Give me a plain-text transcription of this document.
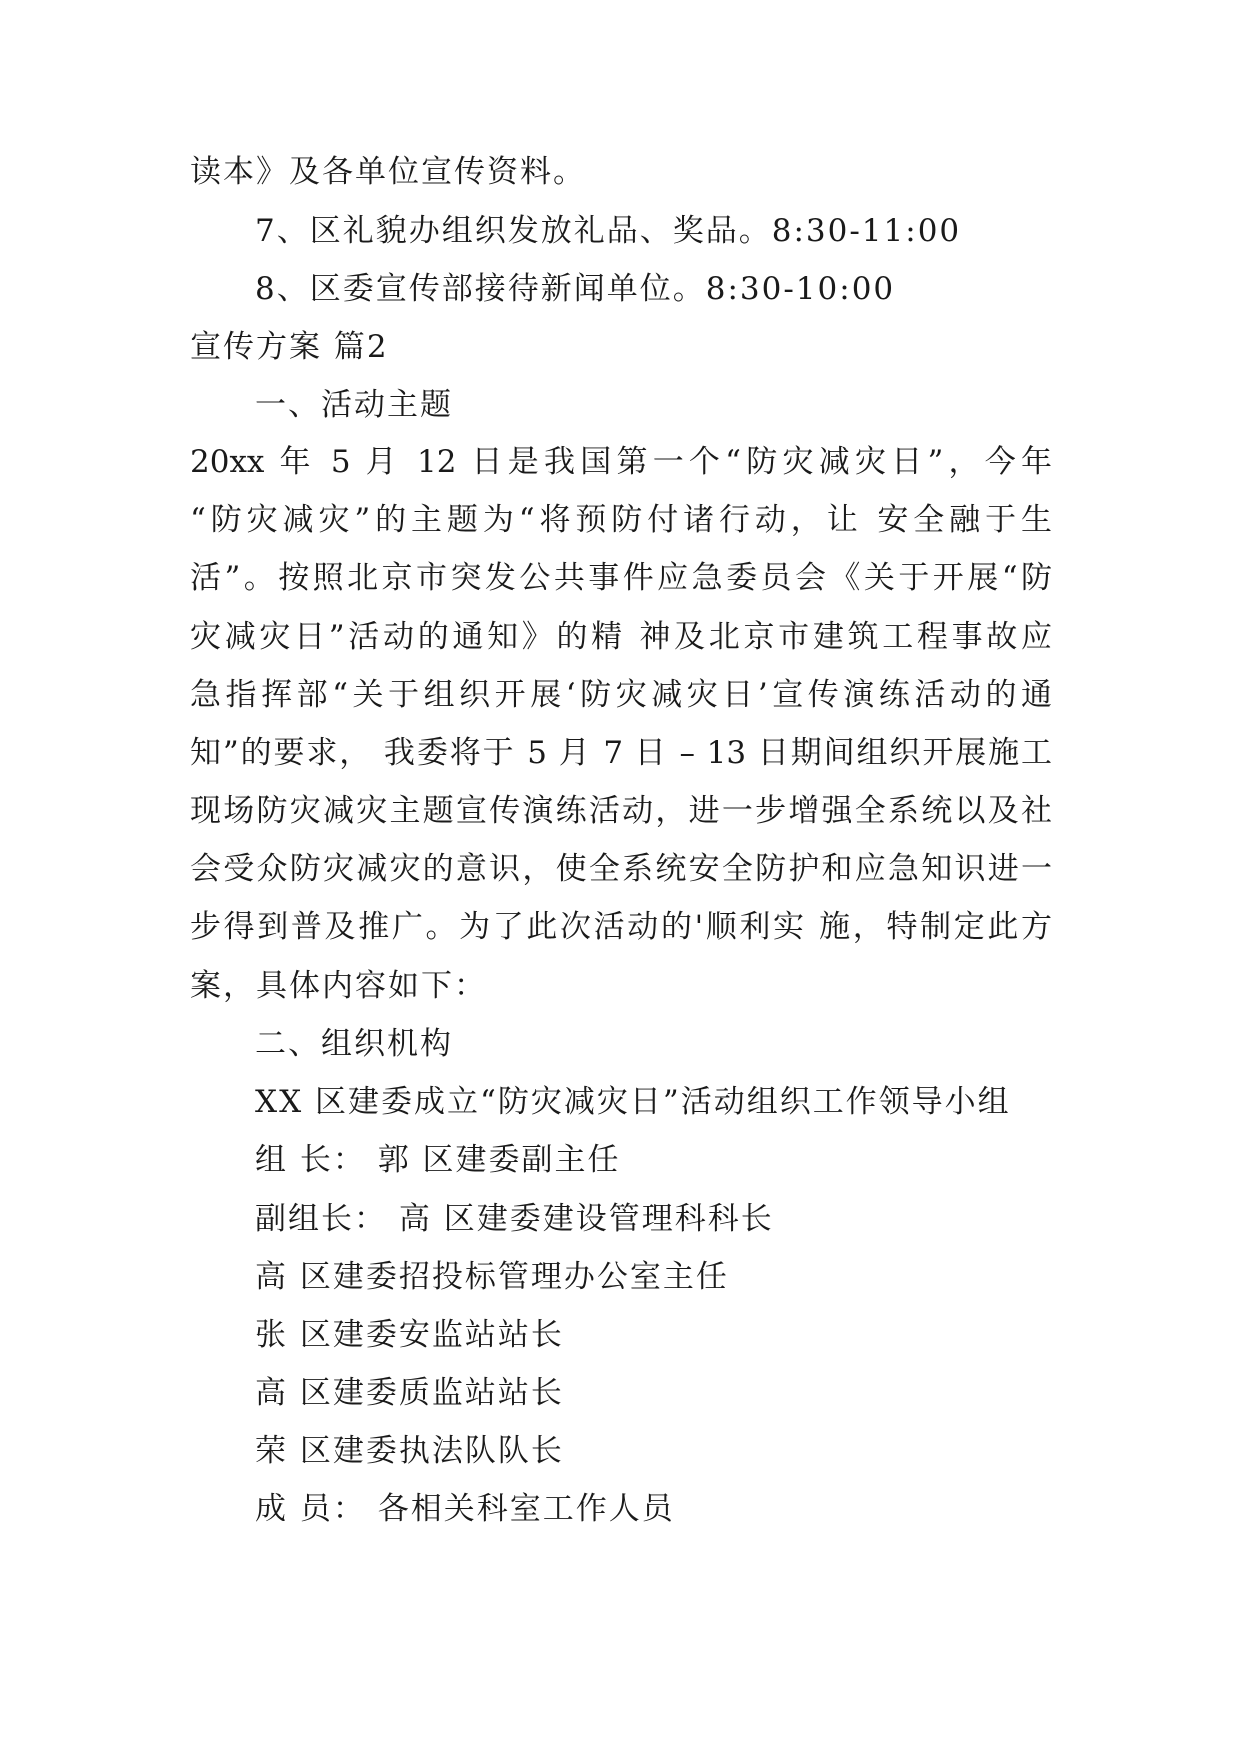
读本》及各单位宣传资料。
7、区礼貌办组织发放礼品、奖品。8:30-11:00
8、区委宣传部接待新闻单位。8:30-10:00
宣传方案 篇2
一、活动主题
20xx 年 5 月 12 日是我国第一个“防灾减灾日”，今年
“防灾减灾”的主题为“将预防付诸行动，让 安全融于生
活”。按照北京市突发公共事件应急委员会《关于开展“防
灾减灾日”活动的通知》的精 神及北京市建筑工程事故应
急指挥部“关于组织开展‘防灾减灾日’宣传演练活动的通
知”的要求， 我委将于 5 月 7 日 – 13 日期间组织开展施工
现场防灾减灾主题宣传演练活动，进一步增强全系统以及社
会受众防灾减灾的意识，使全系统安全防护和应急知识进一
步得到普及推广。为了此次活动的'顺利实 施，特制定此方
案，具体内容如下：
二、组织机构
XX 区建委成立“防灾减灾日”活动组织工作领导小组
组 长： 郭 区建委副主任
副组长： 高 区建委建设管理科科长
高 区建委招投标管理办公室主任
张 区建委安监站站长
高 区建委质监站站长
荣 区建委执法队队长
成 员： 各相关科室工作人员
